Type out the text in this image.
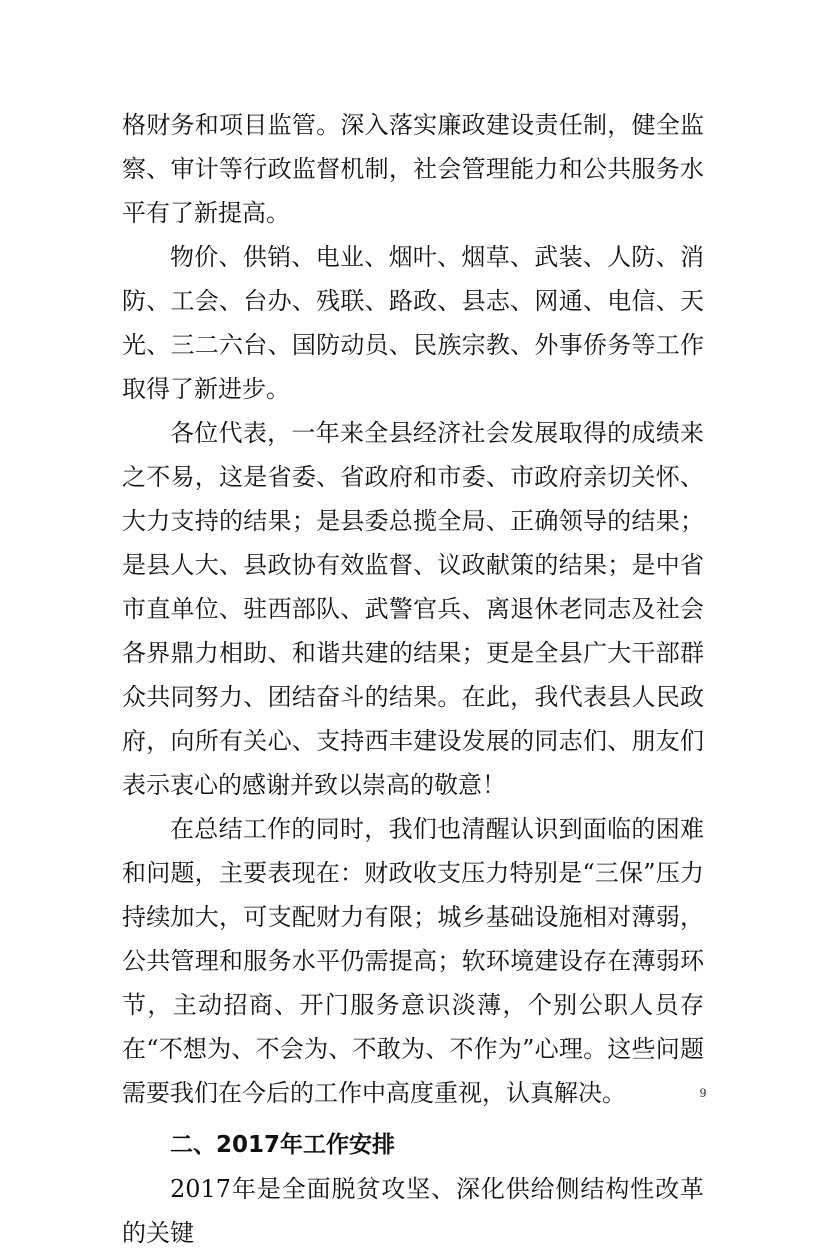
格财务和项目监管。深入落实廉政建设责任制，健全监察、审计等行政监督机制，社会管理能力和公共服务水平有了新提高。

物价、供销、电业、烟叶、烟草、武装、人防、消防、工会、台办、残联、路政、县志、网通、电信、天光、三二六台、国防动员、民族宗教、外事侨务等工作取得了新进步。

各位代表，一年来全县经济社会发展取得的成绩来之不易，这是省委、省政府和市委、市政府亲切关怀、大力支持的结果；是县委总揽全局、正确领导的结果；是县人大、县政协有效监督、议政献策的结果；是中省市直单位、驻西部队、武警官兵、离退休老同志及社会各界鼎力相助、和谐共建的结果；更是全县广大干部群众共同努力、团结奋斗的结果。在此，我代表县人民政府，向所有关心、支持西丰建设发展的同志们、朋友们表示衷心的感谢并致以崇高的敬意！

在总结工作的同时，我们也清醒认识到面临的困难和问题，主要表现在：财政收支压力特别是“三保”压力持续加大，可支配财力有限；城乡基础设施相对薄弱，公共管理和服务水平仍需提高；软环境建设存在薄弱环节，主动招商、开门服务意识淡薄，个别公职人员存在“不想为、不会为、不敢为、不作为”心理。这些问题需要我们在今后的工作中高度重视，认真解决。

二、2017年工作安排

2017年是全面脱贫攻坚、深化供给侧结构性改革的关键

9
